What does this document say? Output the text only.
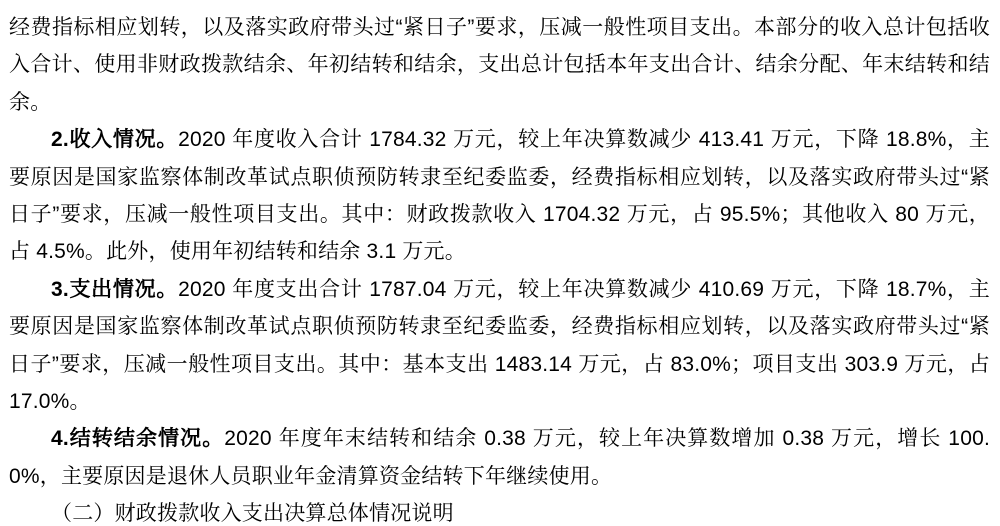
经费指标相应划转，以及落实政府带头过“紧日子”要求，压减一般性项目支出。本部分的收入总计包括收入合计、使用非财政拨款结余、年初结转和结余，支出总计包括本年支出合计、结余分配、年末结转和结余。

2.收入情况。2020 年度收入合计 1784.32 万元，较上年决算数减少 413.41 万元，下降 18.8%，主要原因是国家监察体制改革试点职侦预防转隶至纪委监委，经费指标相应划转，以及落实政府带头过“紧日子”要求，压减一般性项目支出。其中：财政拨款收入 1704.32 万元，占 95.5%；其他收入 80 万元，占 4.5%。此外，使用年初结转和结余 3.1 万元。

3.支出情况。2020 年度支出合计 1787.04 万元，较上年决算数减少 410.69 万元，下降 18.7%，主要原因是国家监察体制改革试点职侦预防转隶至纪委监委，经费指标相应划转，以及落实政府带头过“紧日子”要求，压减一般性项目支出。其中：基本支出 1483.14 万元，占 83.0%；项目支出 303.9 万元，占 17.0%。

4.结转结余情况。2020 年度年末结转和结余 0.38 万元，较上年决算数增加 0.38 万元，增长 100.0%，主要原因是退休人员职业年金清算资金结转下年继续使用。

（二）财政拨款收入支出决算总体情况说明
